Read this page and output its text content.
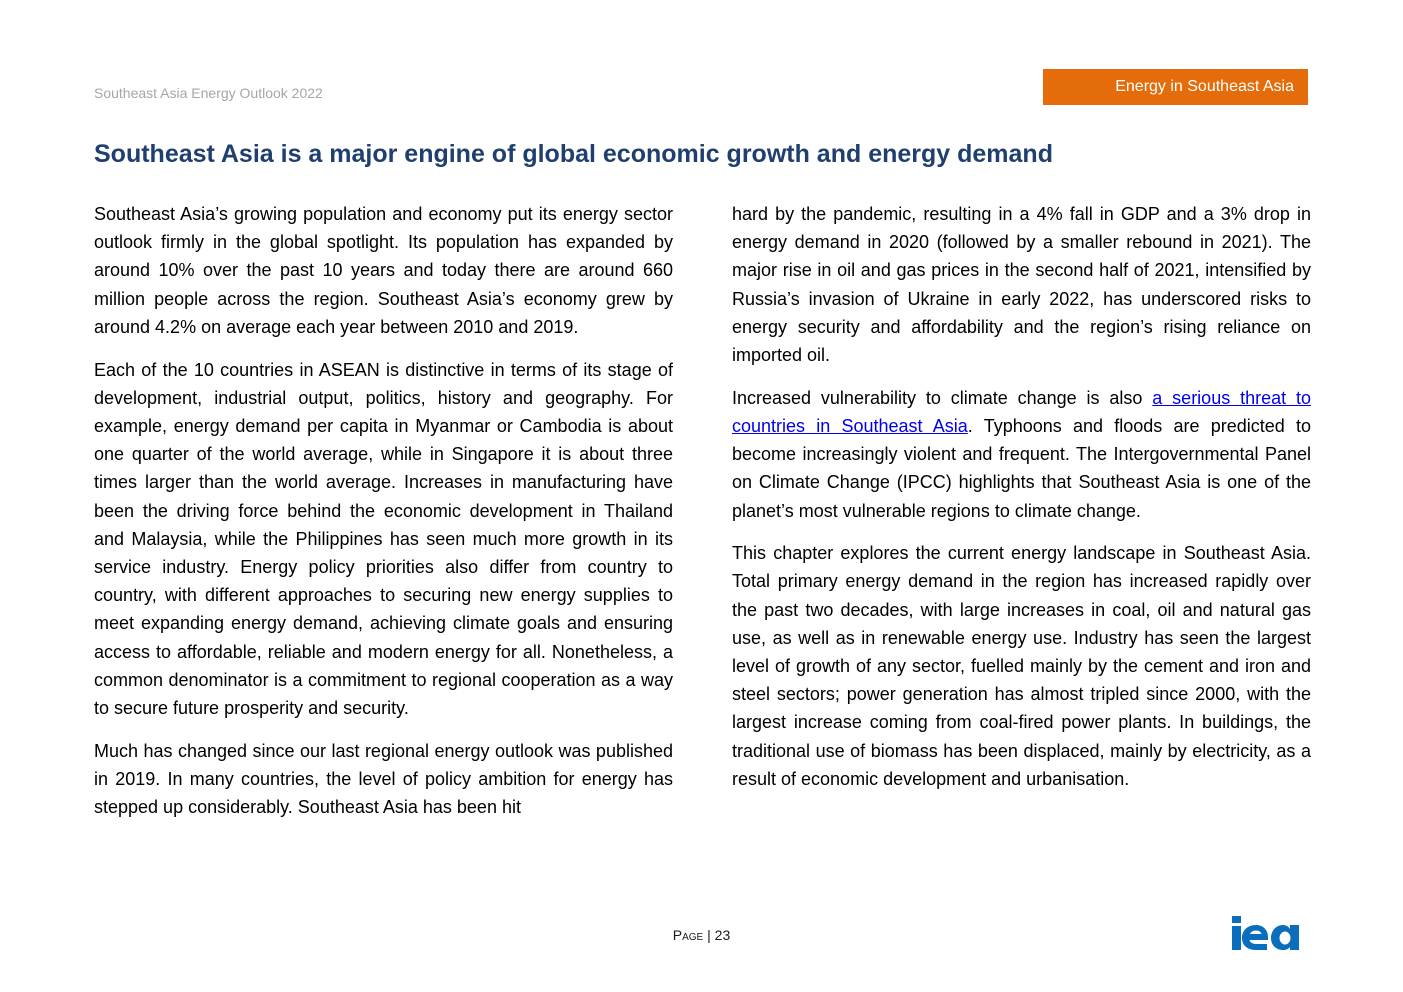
Southeast Asia Energy Outlook 2022	Energy in Southeast Asia
Southeast Asia is a major engine of global economic growth and energy demand

Southeast Asia’s growing population and economy put its energy sector outlook firmly in the global spotlight. Its population has expanded by around 10% over the past 10 years and today there are around 660 million people across the region. Southeast Asia’s economy grew by around 4.2% on average each year between 2010 and 2019.

Each of the 10 countries in ASEAN is distinctive in terms of its stage of development, industrial output, politics, history and geography. For example, energy demand per capita in Myanmar or Cambodia is about one quarter of the world average, while in Singapore it is about three times larger than the world average. Increases in manufacturing have been the driving force behind the economic development in Thailand and Malaysia, while the Philippines has seen much more growth in its service industry. Energy policy priorities also differ from country to country, with different approaches to securing new energy supplies to meet expanding energy demand, achieving climate goals and ensuring access to affordable, reliable and modern energy for all. Nonetheless, a common denominator is a commitment to regional cooperation as a way to secure future prosperity and security.

Much has changed since our last regional energy outlook was published in 2019. In many countries, the level of policy ambition for energy has stepped up considerably. Southeast Asia has been hit

hard by the pandemic, resulting in a 4% fall in GDP and a 3% drop in energy demand in 2020 (followed by a smaller rebound in 2021). The major rise in oil and gas prices in the second half of 2021, intensified by Russia’s invasion of Ukraine in early 2022, has underscored risks to energy security and affordability and the region’s rising reliance on imported oil.

Increased vulnerability to climate change is also a serious threat to countries in Southeast Asia. Typhoons and floods are predicted to become increasingly violent and frequent. The Intergovernmental Panel on Climate Change (IPCC) highlights that Southeast Asia is one of the planet’s most vulnerable regions to climate change.

This chapter explores the current energy landscape in Southeast Asia. Total primary energy demand in the region has increased rapidly over the past two decades, with large increases in coal, oil and natural gas use, as well as in renewable energy use. Industry has seen the largest level of growth of any sector, fuelled mainly by the cement and iron and steel sectors; power generation has almost tripled since 2000, with the largest increase coming from coal-fired power plants. In buildings, the traditional use of biomass has been displaced, mainly by electricity, as a result of economic development and urbanisation.

Page | 23
